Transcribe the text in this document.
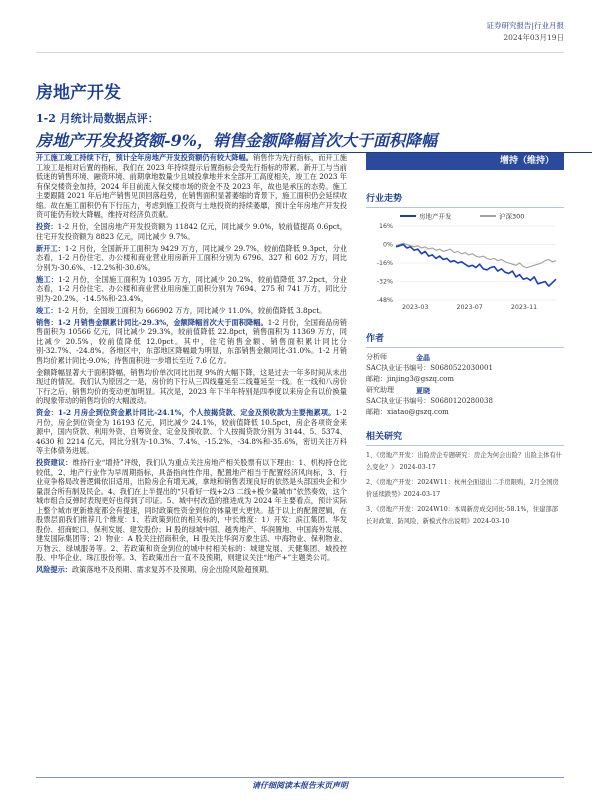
证券研究报告|行业月报
2024年03月19日
房地产开发
1-2 月统计局数据点评：
房地产开发投资额-9%，销售金额降幅首次大于面积降幅

开工施工竣工持续下行，预计全年房地产开发投资额仍有较大降幅。销售作为先行指标，而开工施工竣工是相对后置的指标，我们在 2023 年持续提示后置指标会受先行指标的带累。新开工与当前低迷的销售环境、融资环境、前期拿地数量少且城投拿地并未全部开工高度相关，竣工在 2023 年有保交楼资金加持，2024 年目前流入保交楼市场的资金不及 2023 年，故也是承压的态势。施工主要跟随 2021 年后地产销售见顶回落趋势，在销售面积显著萎缩的背景下，施工面积仍会延续收缩。故在施工面积仍有下行压力，考虑到施工投资与土地投资的持续萎靡，预计全年房地产开发投资可能仍有较大降幅，维持对经济负贡献。

投资：1-2 月份，全国房地产开发投资额为 11842 亿元，同比减少 9.0%，较前值提高 0.6pct，住宅开发投资额为 8823 亿元，同比减少 9.7%。

新开工：1-2 月份，全国新开工面积为 9429 万方，同比减少 29.7%，较前值降低 9.3pct，分业态看，1-2 月份住宅、办公楼和商业营业用房新开工面积分别为 6796、327 和 602 万方，同比分别为-30.6%、-12.2%和-30.6%。

施工：1-2 月份，全国施工面积为 10395 万方，同比减少 20.2%，较前值降低 37.2pct，分业态看，1-2 月份住宅、办公楼和商业营业用房施工面积分别为 7694、275 和 741 万方，同比分别为-20.2%、-14.5%和-23.4%。

竣工：1-2 月份，全国竣工面积为 666902 万方，同比减少 11.0%，较前值降低 3.8pct。

销售：1-2 月销售金额累计同比-29.3%，金额降幅首次大于面积降幅。1-2 月份，全国商品房销售面积为 10566 亿元，同比减少 29.3%，较前值降低 22.8pct，销售面积为 11369 万方，同比减少 20.5%，较前值降低 12.0pct。其中，住宅销售金额、销售面积累计同比分别-32.7%、-24.8%。各地区中，东部地区降幅最为明显，东部销售金额同比-31.0%。1-2 月销售均价累计同比-9.0%；待售面积进一步增长至近 7.6 亿方。

金额降幅显著大于面积降幅，销售均价单次同比出现 9%的大幅下降，这是过去一年多时间从未出现过的情况。我们认为原因之一是，房价的下行从三四线蔓延至二线蔓延至一线。在一线和八房价下行之后，销售均价的变动更加明显。其次是，2023 年下半年特别是四季度以来房企有以价换量的现象带动的销售均价的大幅波动。

资金：1-2 月房企到位资金累计同比-24.1%，个人按揭贷款、定金及预收款为主要拖累项。1-2 月份，房企到位资金为 16193 亿元，同比减少 24.1%，较前值降低 10.5pct，房企各项资金来源中，国内贷款、利用外资、自筹资金、定金及预收款、个人按揭贷款分别为 3144、5、5374、4630 和 2214 亿元，同比分别为-10.3%、7.4%、-15.2%、-34.8%和-35.6%，密切关注万科等主体债务进展。

投资建议：维持行业“增持”评级，我们认为重点关注房地产相关股票有以下理由：1、机构持仓比较低，2、地产行业作为早周期指标，具备指向性作用，配置地产相当于配置经济风向标，3、行业竞争格局改善逻辑依旧适用，出险房企有增无减，拿地和销售表现良好的依然是头部国央企和少量混合所有制及民企。4、我们在上半提出的“只看好一线+2/3 二线+极少量城市”依然奏效，这个城市组合反弹时表现更好也得到了印证。5、城中村改造的推进成为 2024 年主要看点，预计实际上整个城市更新推度都会有提速，同时政策性资金到位的体量更大更快。基于以上的配置逻辑，在股票层面我们推荐几个维度：1、若政策到位的相关标的，中长维度：1）开发：滨江集团、华发股份、招商蛇口、保利发展、建发股份；H 股的绿城中国、越秀地产、华润置地、中国海外发展、建发国际集团等；2）物业：A 股关注招商积余，H 股关注华润万象生活、中海物业、保利物业、万物云、绿城服务等。2、若政策和资金到位的城中村相关标的：城建发展、天健集团、城投控股、中华企业、珠江股份等。3、若政策出台一直不及预期，则建议关注“地产+”主题类公司。

风险提示：政策落地不及预期、需求复苏不及预期、房企出险风险超预期。

增持（维持）
行业走势
房地产开发	沪深300
16%
0%
-16%
-32%
-48%
2023-03	2023-07	2023-11
作者
分析师	金晶
SAC执业证书编号： S0680522030001
邮箱： jinjing3@gszq.com
研究助理	夏晓
SAC执业证书编号： S0680120280038
邮箱： xiatao@gszq.com
相关研究
1、《房地产开发：出险房企专题研究：房企为何会出险？出险主体有什么变化？》 2024-03-17
2、《房地产开发：2024W11：杭州全面退出二手房限购，2月全国房价延续跌势》2024-03-17
3、《房地产开发：2024W10：本周新房成交同比-58.1%，住建部部长对政策、防风险、新模式作出说明》2024-03-10
请仔细阅读本报告末页声明
